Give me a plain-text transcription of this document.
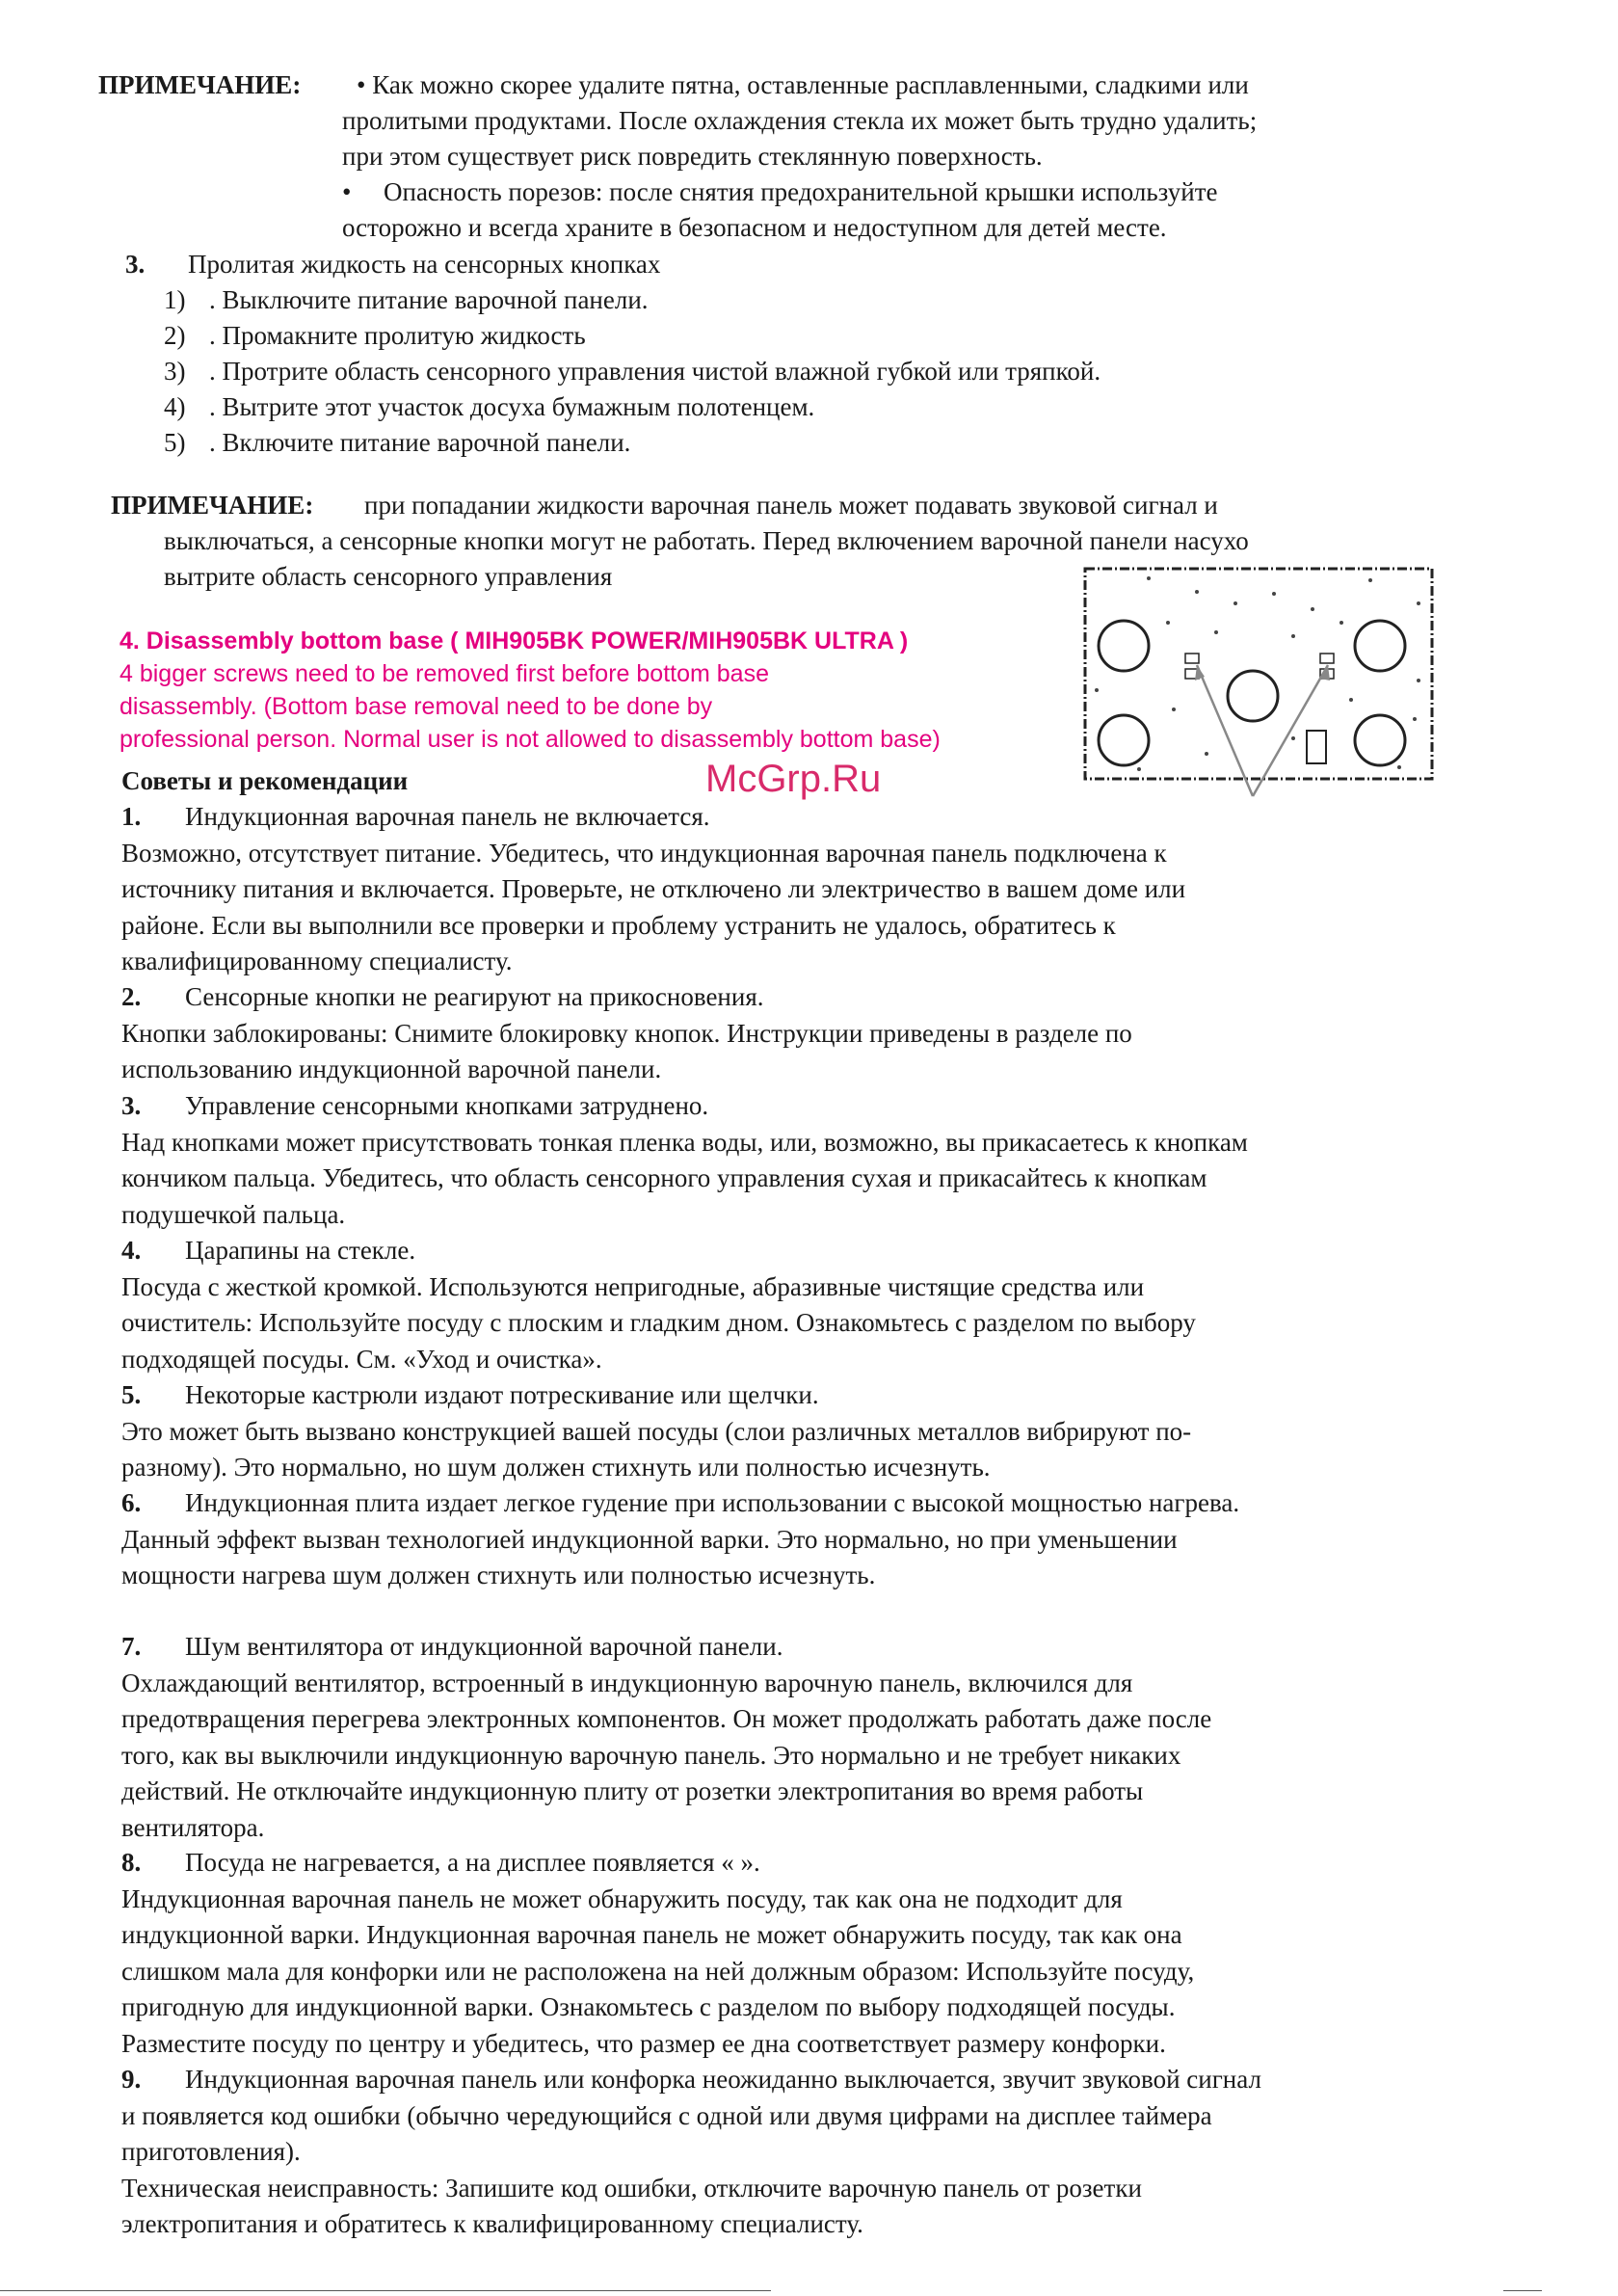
ПРИМЕЧАНИЕ: • Как можно скорее удалите пятна, оставленные расплавленными, сладкими или
пролитыми продуктами. После охлаждения стекла их может быть трудно удалить;
при этом существует риск повредить стеклянную поверхность.
• Опасность порезов: после снятия предохранительной крышки используйте
осторожно и всегда храните в безопасном и недоступном для детей месте.
3. Пролитая жидкость на сенсорных кнопках
1) . Выключите питание варочной панели.
2) . Промакните пролитую жидкость
3) . Протрите область сенсорного управления чистой влажной губкой или тряпкой.
4) . Вытрите этот участок досуха бумажным полотенцем.
5) . Включите питание варочной панели.
ПРИМЕЧАНИЕ: при попадании жидкости варочная панель может подавать звуковой сигнал и
выключаться, а сенсорные кнопки могут не работать. Перед включением варочной панели насухо
вытрите область сенсорного управления
4. Disassembly bottom base ( MIH905BK POWER/MIH905BK ULTRA )
4 bigger screws need to be removed first before bottom base
disassembly. (Bottom base removal need to be done by
professional person. Normal user is not allowed to disassembly bottom base)
McGrp.Ru
Советы и рекомендации
1. Индукционная варочная панель не включается.
Возможно, отсутствует питание. Убедитесь, что индукционная варочная панель подключена к
источнику питания и включается. Проверьте, не отключено ли электричество в вашем доме или
районе. Если вы выполнили все проверки и проблему устранить не удалось, обратитесь к
квалифицированному специалисту.
2. Сенсорные кнопки не реагируют на прикосновения.
Кнопки заблокированы: Снимите блокировку кнопок. Инструкции приведены в разделе по
использованию индукционной варочной панели.
3. Управление сенсорными кнопками затруднено.
Над кнопками может присутствовать тонкая пленка воды, или, возможно, вы прикасаетесь к кнопкам
кончиком пальца. Убедитесь, что область сенсорного управления сухая и прикасайтесь к кнопкам
подушечкой пальца.
4. Царапины на стекле.
Посуда с жесткой кромкой. Используются непригодные, абразивные чистящие средства или
очиститель: Используйте посуду с плоским и гладким дном. Ознакомьтесь с разделом по выбору
подходящей посуды. См. «Уход и очистка».
5. Некоторые кастрюли издают потрескивание или щелчки.
Это может быть вызвано конструкцией вашей посуды (слои различных металлов вибрируют по-
разному). Это нормально, но шум должен стихнуть или полностью исчезнуть.
6. Индукционная плита издает легкое гудение при использовании с высокой мощностью нагрева.
Данный эффект вызван технологией индукционной варки. Это нормально, но при уменьшении
мощности нагрева шум должен стихнуть или полностью исчезнуть.
7. Шум вентилятора от индукционной варочной панели.
Охлаждающий вентилятор, встроенный в индукционную варочную панель, включился для
предотвращения перегрева электронных компонентов. Он может продолжать работать даже после
того, как вы выключили индукционную варочную панель. Это нормально и не требует никаких
действий. Не отключайте индукционную плиту от розетки электропитания во время работы
вентилятора.
8. Посуда не нагревается, а на дисплее появляется « ».
Индукционная варочная панель не может обнаружить посуду, так как она не подходит для
индукционной варки. Индукционная варочная панель не может обнаружить посуду, так как она
слишком мала для конфорки или не расположена на ней должным образом: Используйте посуду,
пригодную для индукционной варки. Ознакомьтесь с разделом по выбору подходящей посуды.
Разместите посуду по центру и убедитесь, что размер ее дна соответствует размеру конфорки.
9. Индукционная варочная панель или конфорка неожиданно выключается, звучит звуковой сигнал
и появляется код ошибки (обычно чередующийся с одной или двумя цифрами на дисплее таймера
приготовления).
Техническая неисправность: Запишите код ошибки, отключите варочную панель от розетки
электропитания и обратитесь к квалифицированному специалисту.
